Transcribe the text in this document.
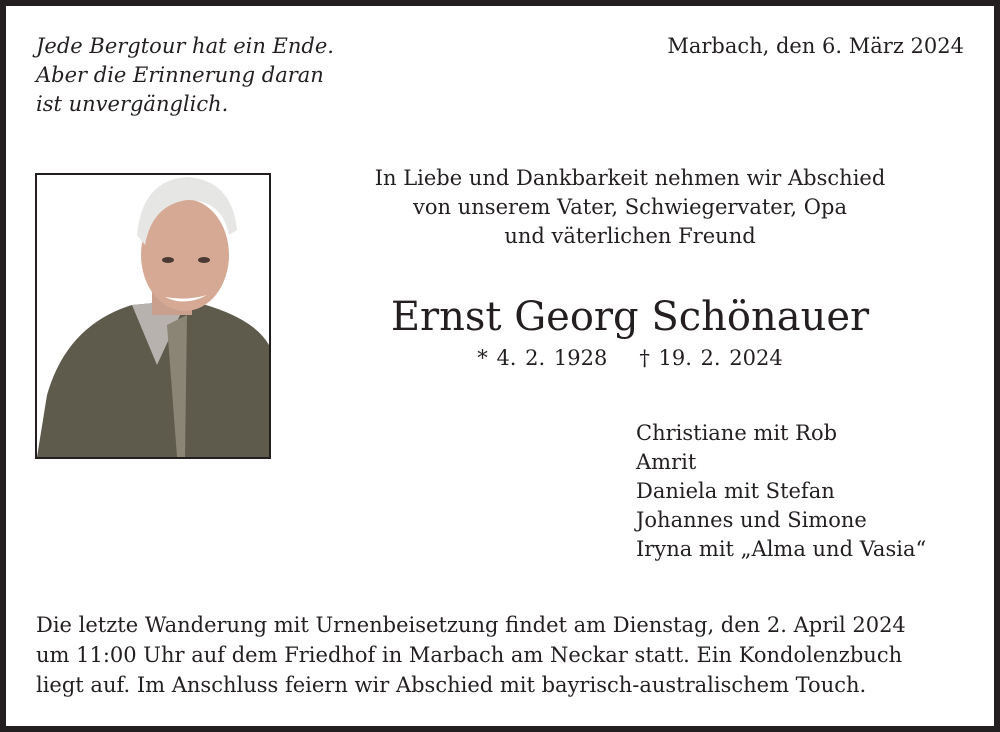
Jede Bergtour hat ein Ende.
Aber die Erinnerung daran
ist unvergänglich.
Marbach, den 6. März 2024
In Liebe und Dankbarkeit nehmen wir Abschied
von unserem Vater, Schwiegervater, Opa
und väterlichen Freund
Ernst Georg Schönauer
* 4. 2. 1928 † 19. 2. 2024
Christiane mit Rob
Amrit
Daniela mit Stefan
Johannes und Simone
Iryna mit „Alma und Vasia“
Die letzte Wanderung mit Urnenbeisetzung findet am Dienstag, den 2. April 2024
um 11:00 Uhr auf dem Friedhof in Marbach am Neckar statt. Ein Kondolenzbuch
liegt auf. Im Anschluss feiern wir Abschied mit bayrisch-australischem Touch.
